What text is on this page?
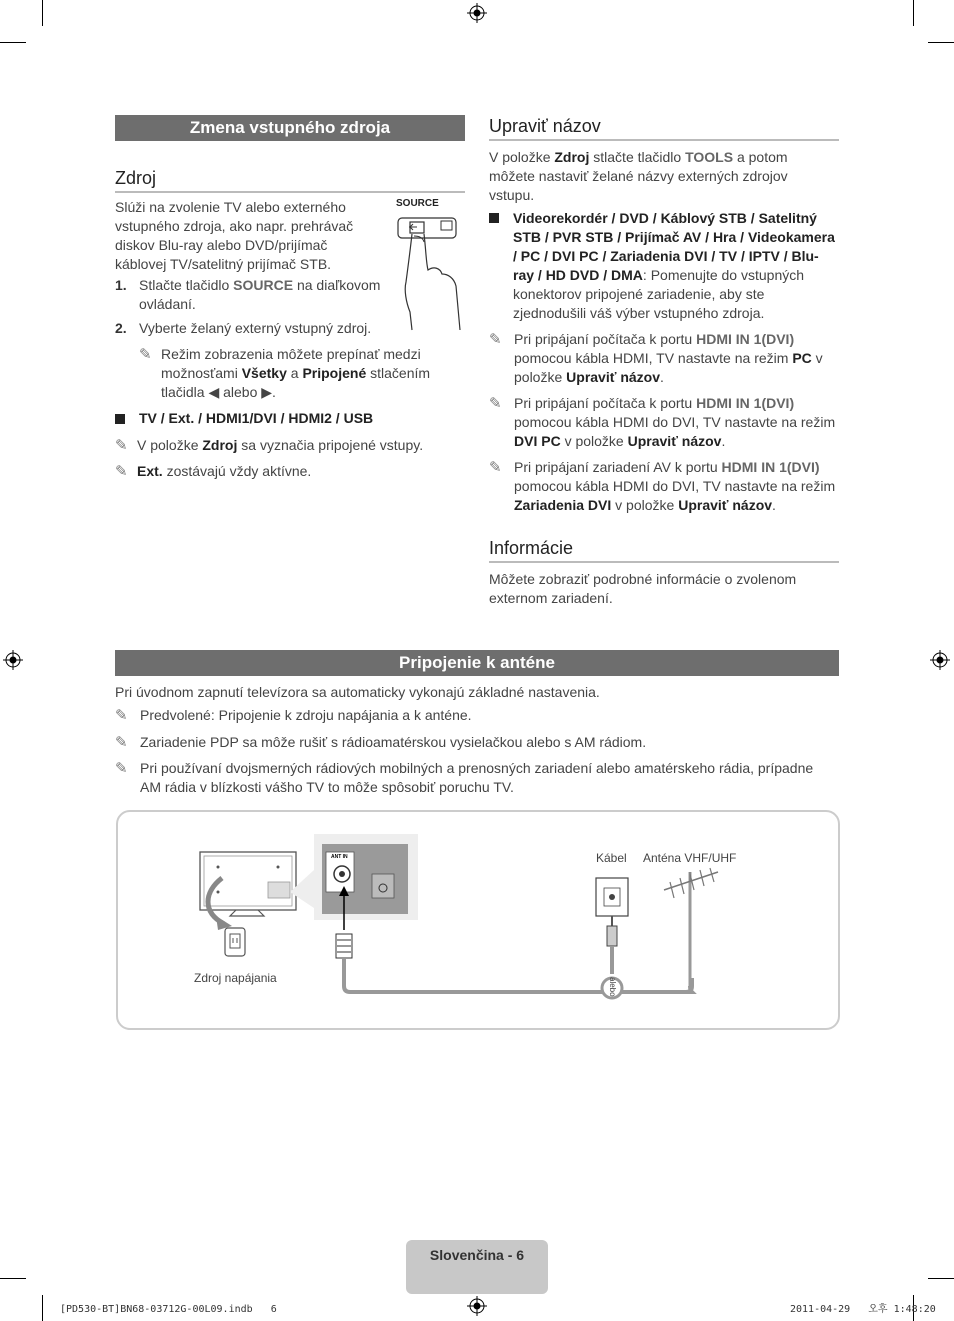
Zmena vstupného zdroja
Zdroj
Slúži na zvolenie TV alebo externého vstupného zdroja, ako napr. prehrávač diskov Blu-ray alebo DVD/prijímač káblovej TV/satelitný prijímač STB.
SOURCE
1. Stlačte tlačidlo SOURCE na diaľkovom ovládaní.
2. Vyberte želaný externý vstupný zdroj.
✎ Režim zobrazenia môžete prepínať medzi možnosťami Všetky a Pripojené stlačením tlačidla ◀ alebo ▶.
TV / Ext. / HDMI1/DVI / HDMI2 / USB
✎ V položke Zdroj sa vyznačia pripojené vstupy.
✎ Ext. zostávajú vždy aktívne.
Upraviť názov
V položke Zdroj stlačte tlačidlo TOOLS a potom môžete nastaviť želané názvy externých zdrojov vstupu.
Videorekordér / DVD / Káblový STB / Satelitný STB / PVR STB / Prijímač AV / Hra / Videokamera / PC / DVI PC / Zariadenia DVI / TV / IPTV / Blu-ray / HD DVD / DMA: Pomenujte do vstupných konektorov pripojené zariadenie, aby ste zjednodušili váš výber vstupného zdroja.
✎ Pri pripájaní počítača k portu HDMI IN 1(DVI) pomocou kábla HDMI, TV nastavte na režim PC v položke Upraviť názov.
✎ Pri pripájaní počítača k portu HDMI IN 1(DVI) pomocou kábla HDMI do DVI, TV nastavte na režim DVI PC v položke Upraviť názov.
✎ Pri pripájaní zariadení AV k portu HDMI IN 1(DVI) pomocou kábla HDMI do DVI, TV nastavte na režim Zariadenia DVI v položke Upraviť názov.
Informácie
Môžete zobraziť podrobné informácie o zvolenom externom zariadení.
Pripojenie k anténe
Pri úvodnom zapnutí televízora sa automaticky vykonajú základné nastavenia.
✎ Predvolené: Pripojenie k zdroju napájania a k anténe.
✎ Zariadenie PDP sa môže rušiť s rádioamatérskou vysielačkou alebo s AM rádiom.
✎ Pri používaní dvojsmerných rádiových mobilných a prenosných zariadení alebo amatérskeho rádia, prípadne AM rádia v blízkosti vášho TV to môže spôsobiť poruchu TV.
ANT IN
Zdroj napájania
Kábel Anténa VHF/UHF
alebo
Slovenčina - 6
[PD530-BT]BN68-03712G-00L09.indb   6	2011-04-29   오후 1:48:20
